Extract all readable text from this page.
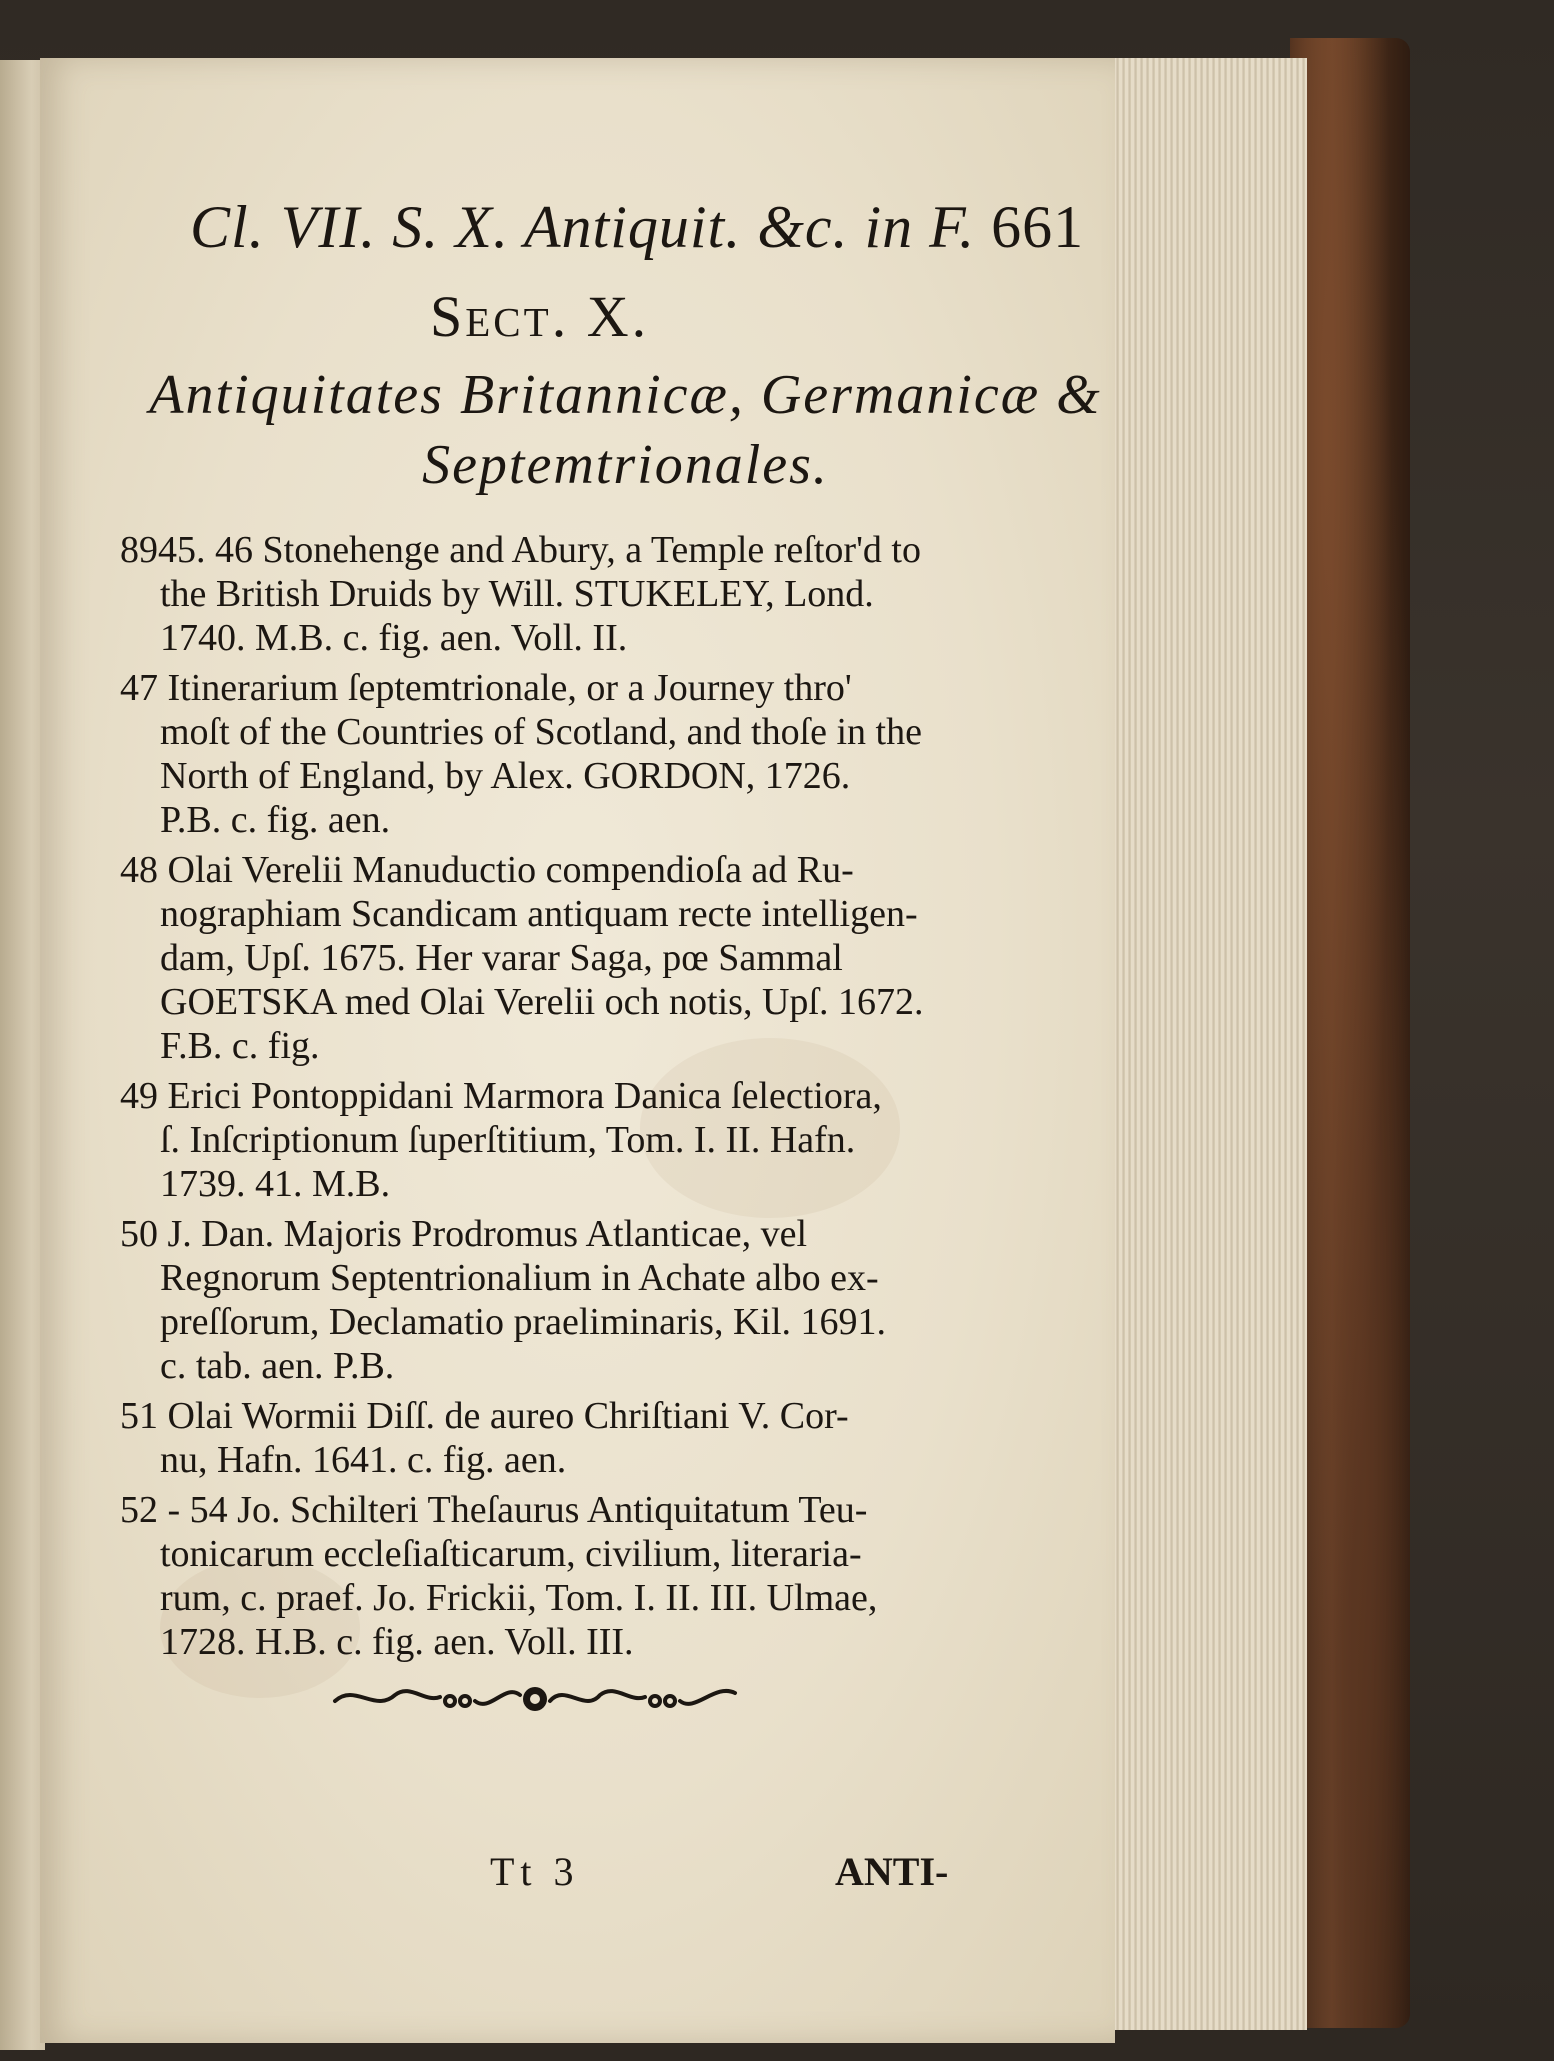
Cl. VII. S. X. Antiquit. &c. in F. 661
Sect. X.
Antiquitates Britannicæ, Germanicæ &
Septemtrionales.
8945. 46 Stonehenge and Abury, a Temple reſtor'd to
the British Druids by Will. STUKELEY, Lond.
1740. M.B. c. fig. aen. Voll. II.
47 Itinerarium ſeptemtrionale, or a Journey thro'
moſt of the Countries of Scotland, and thoſe in the
North of England, by Alex. GORDON, 1726.
P.B. c. fig. aen.
48 Olai Verelii Manuductio compendioſa ad Ru-
nographiam Scandicam antiquam recte intelligen-
dam, Upſ. 1675. Her varar Saga, pœ Sammal
GOETSKA med Olai Verelii och notis, Upſ. 1672.
F.B. c. fig.
49 Erici Pontoppidani Marmora Danica ſelectiora,
ſ. Inſcriptionum ſuperſtitium, Tom. I. II. Hafn.
1739. 41. M.B.
50 J. Dan. Majoris Prodromus Atlanticae, vel
Regnorum Septentrionalium in Achate albo ex-
preſſorum, Declamatio praeliminaris, Kil. 1691.
c. tab. aen. P.B.
51 Olai Wormii Diſſ. de aureo Chriſtiani V. Cor-
nu, Hafn. 1641. c. fig. aen.
52 - 54 Jo. Schilteri Theſaurus Antiquitatum Teu-
tonicarum eccleſiaſticarum, civilium, literaria-
rum, c. praef. Jo. Frickii, Tom. I. II. III. Ulmae,
1728. H.B. c. fig. aen. Voll. III.
Tt 3	ANTI-
